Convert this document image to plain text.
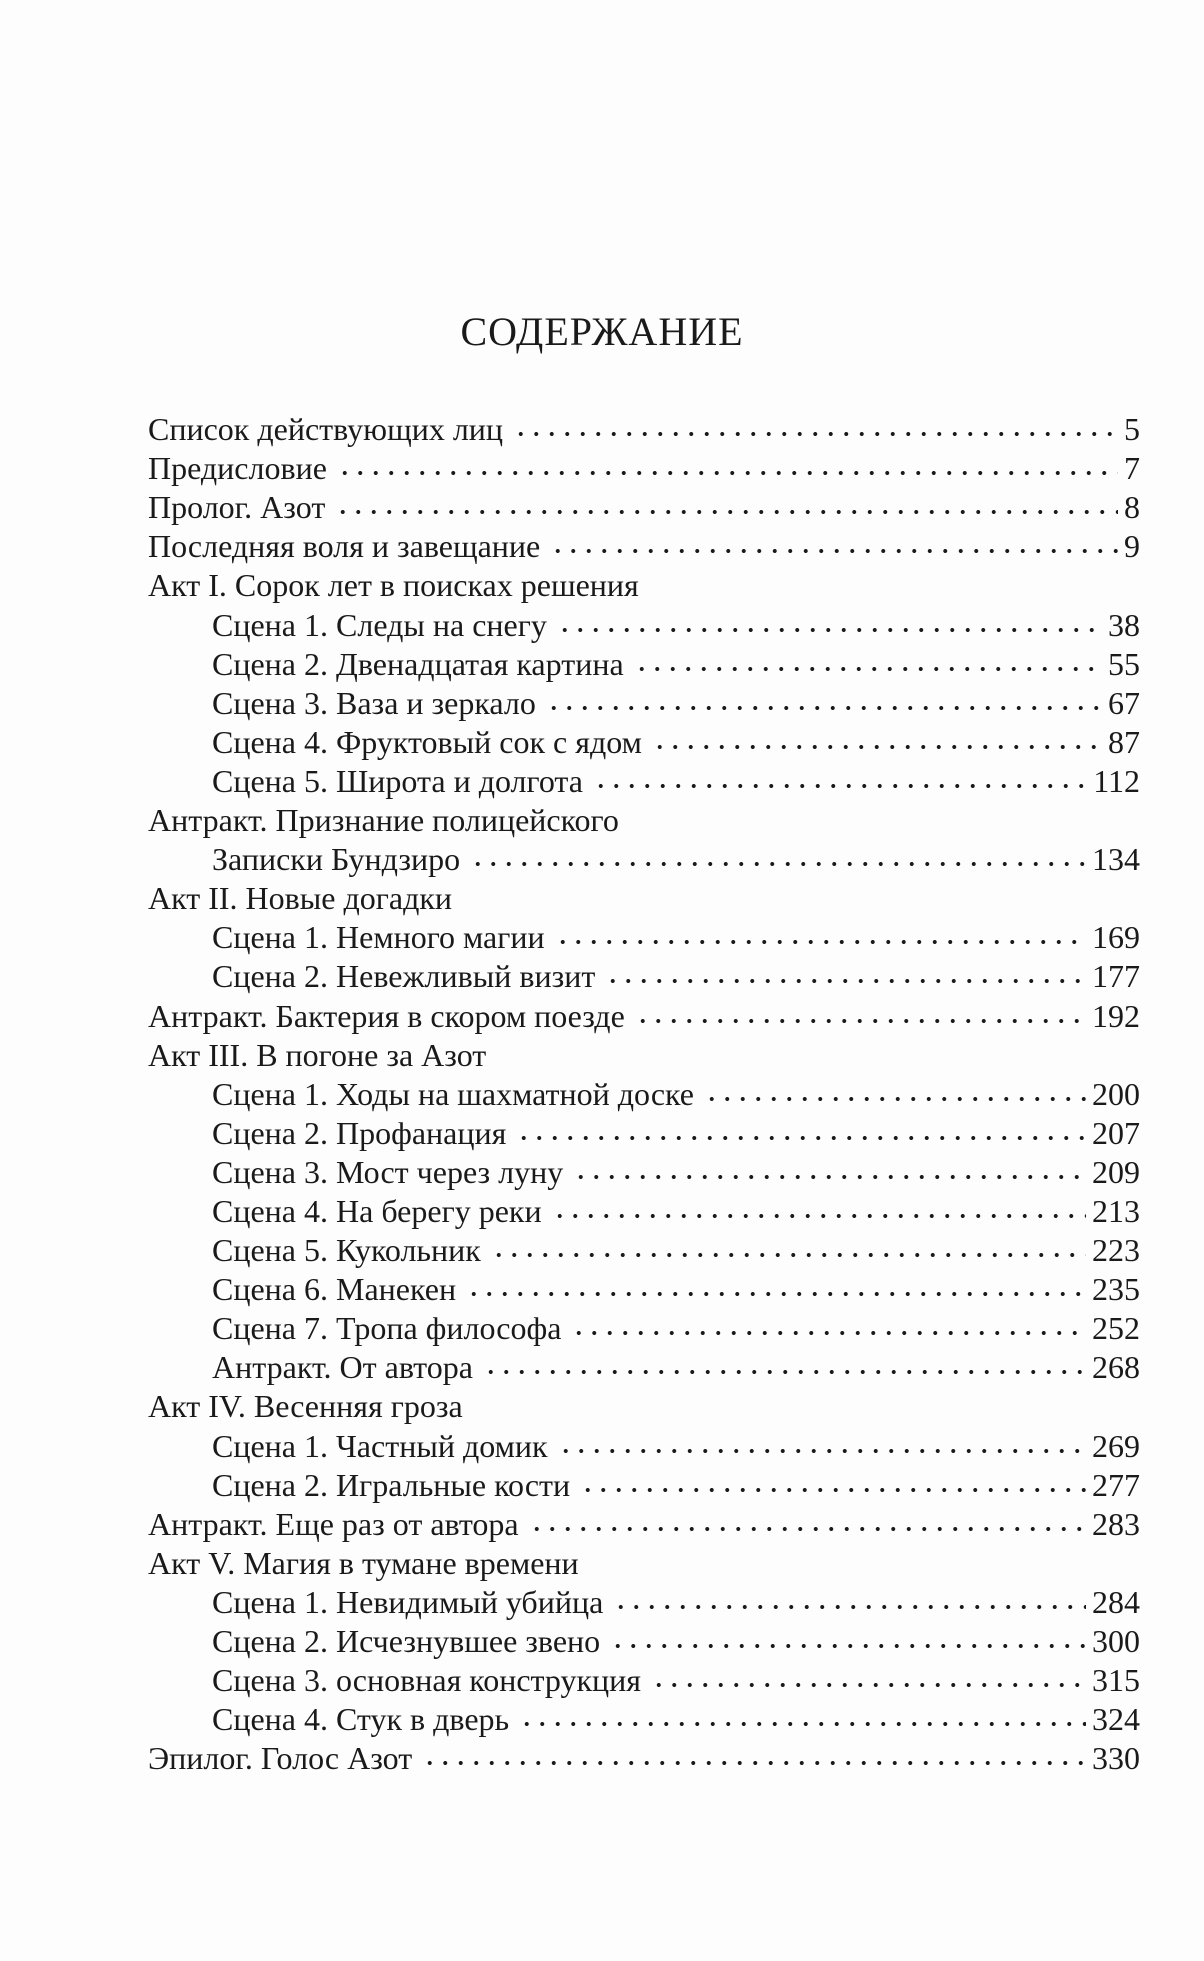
СОДЕРЖАНИЕ
Список действующих лиц	5
Предисловие	7
Пролог. Азот	8
Последняя воля и завещание	9
Акт I. Сорок лет в поисках решения
Сцена 1. Следы на снегу	38
Сцена 2. Двенадцатая картина	55
Сцена 3. Ваза и зеркало	67
Сцена 4. Фруктовый сок с ядом	87
Сцена 5. Широта и долгота	112
Антракт. Признание полицейского
Записки Бундзиро	134
Акт II. Новые догадки
Сцена 1. Немного магии	169
Сцена 2. Невежливый визит	177
Антракт. Бактерия в скором поезде	192
Акт III. В погоне за Азот
Сцена 1. Ходы на шахматной доске	200
Сцена 2. Профанация	207
Сцена 3. Мост через луну	209
Сцена 4. На берегу реки	213
Сцена 5. Кукольник	223
Сцена 6. Манекен	235
Сцена 7. Тропа философа	252
Антракт. От автора	268
Акт IV. Весенняя гроза
Сцена 1. Частный домик	269
Сцена 2. Игральные кости	277
Антракт. Еще раз от автора	283
Акт V. Магия в тумане времени
Сцена 1. Невидимый убийца	284
Сцена 2. Исчезнувшее звено	300
Сцена 3. основная конструкция	315
Сцена 4. Стук в дверь	324
Эпилог. Голос Азот	330
